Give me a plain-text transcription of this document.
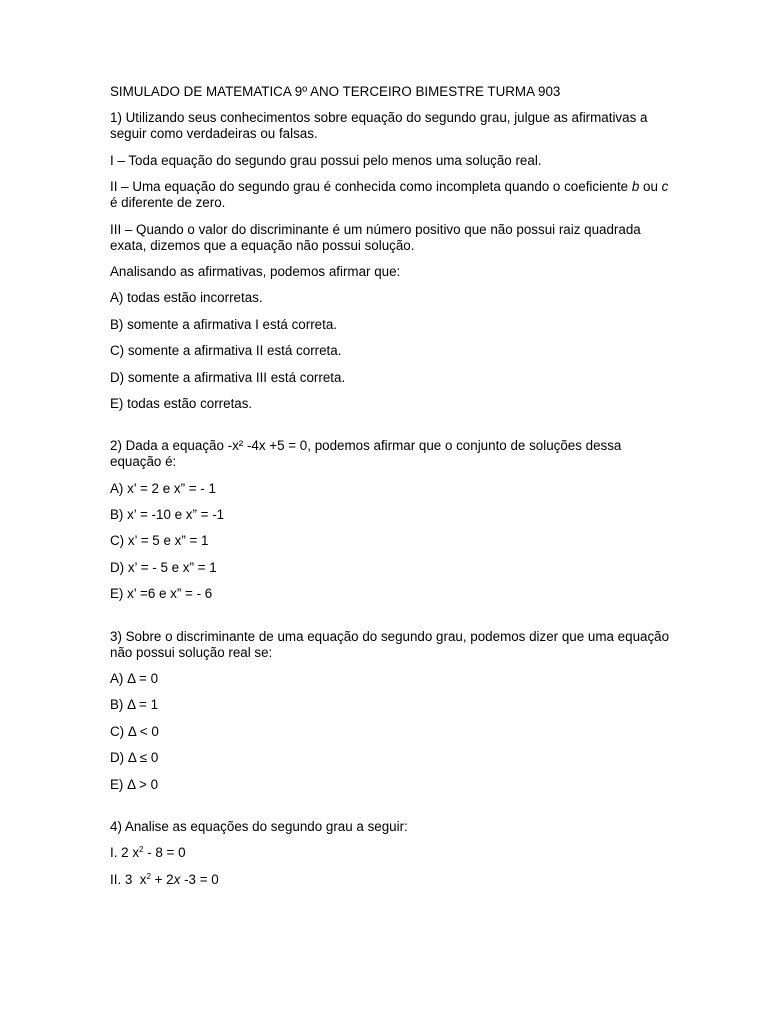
SIMULADO DE MATEMATICA 9º ANO TERCEIRO BIMESTRE TURMA 903

1) Utilizando seus conhecimentos sobre equação do segundo grau, julgue as afirmativas a seguir como verdadeiras ou falsas.

I – Toda equação do segundo grau possui pelo menos uma solução real.

II – Uma equação do segundo grau é conhecida como incompleta quando o coeficiente b ou c é diferente de zero.

III – Quando o valor do discriminante é um número positivo que não possui raiz quadrada exata, dizemos que a equação não possui solução.

Analisando as afirmativas, podemos afirmar que:

A) todas estão incorretas.

B) somente a afirmativa I está correta.

C) somente a afirmativa II está correta.

D) somente a afirmativa III está correta.

E) todas estão corretas.

2) Dada a equação -x² -4x +5 = 0, podemos afirmar que o conjunto de soluções dessa equação é:

A) x’ = 2 e x” = - 1

B) x’ = -10 e x” = -1

C) x’ = 5 e x” = 1

D) x’ = - 5 e x” = 1

E) x’ =6 e x” = - 6

3) Sobre o discriminante de uma equação do segundo grau, podemos dizer que uma equação não possui solução real se:

A) Δ = 0

B) Δ = 1

C) Δ < 0

D) Δ ≤ 0

E) Δ > 0

4) Analise as equações do segundo grau a seguir:

I. 2 $x^2 - 8 = 0$

II. 3  $x^2 + 2x$ -3 = 0
